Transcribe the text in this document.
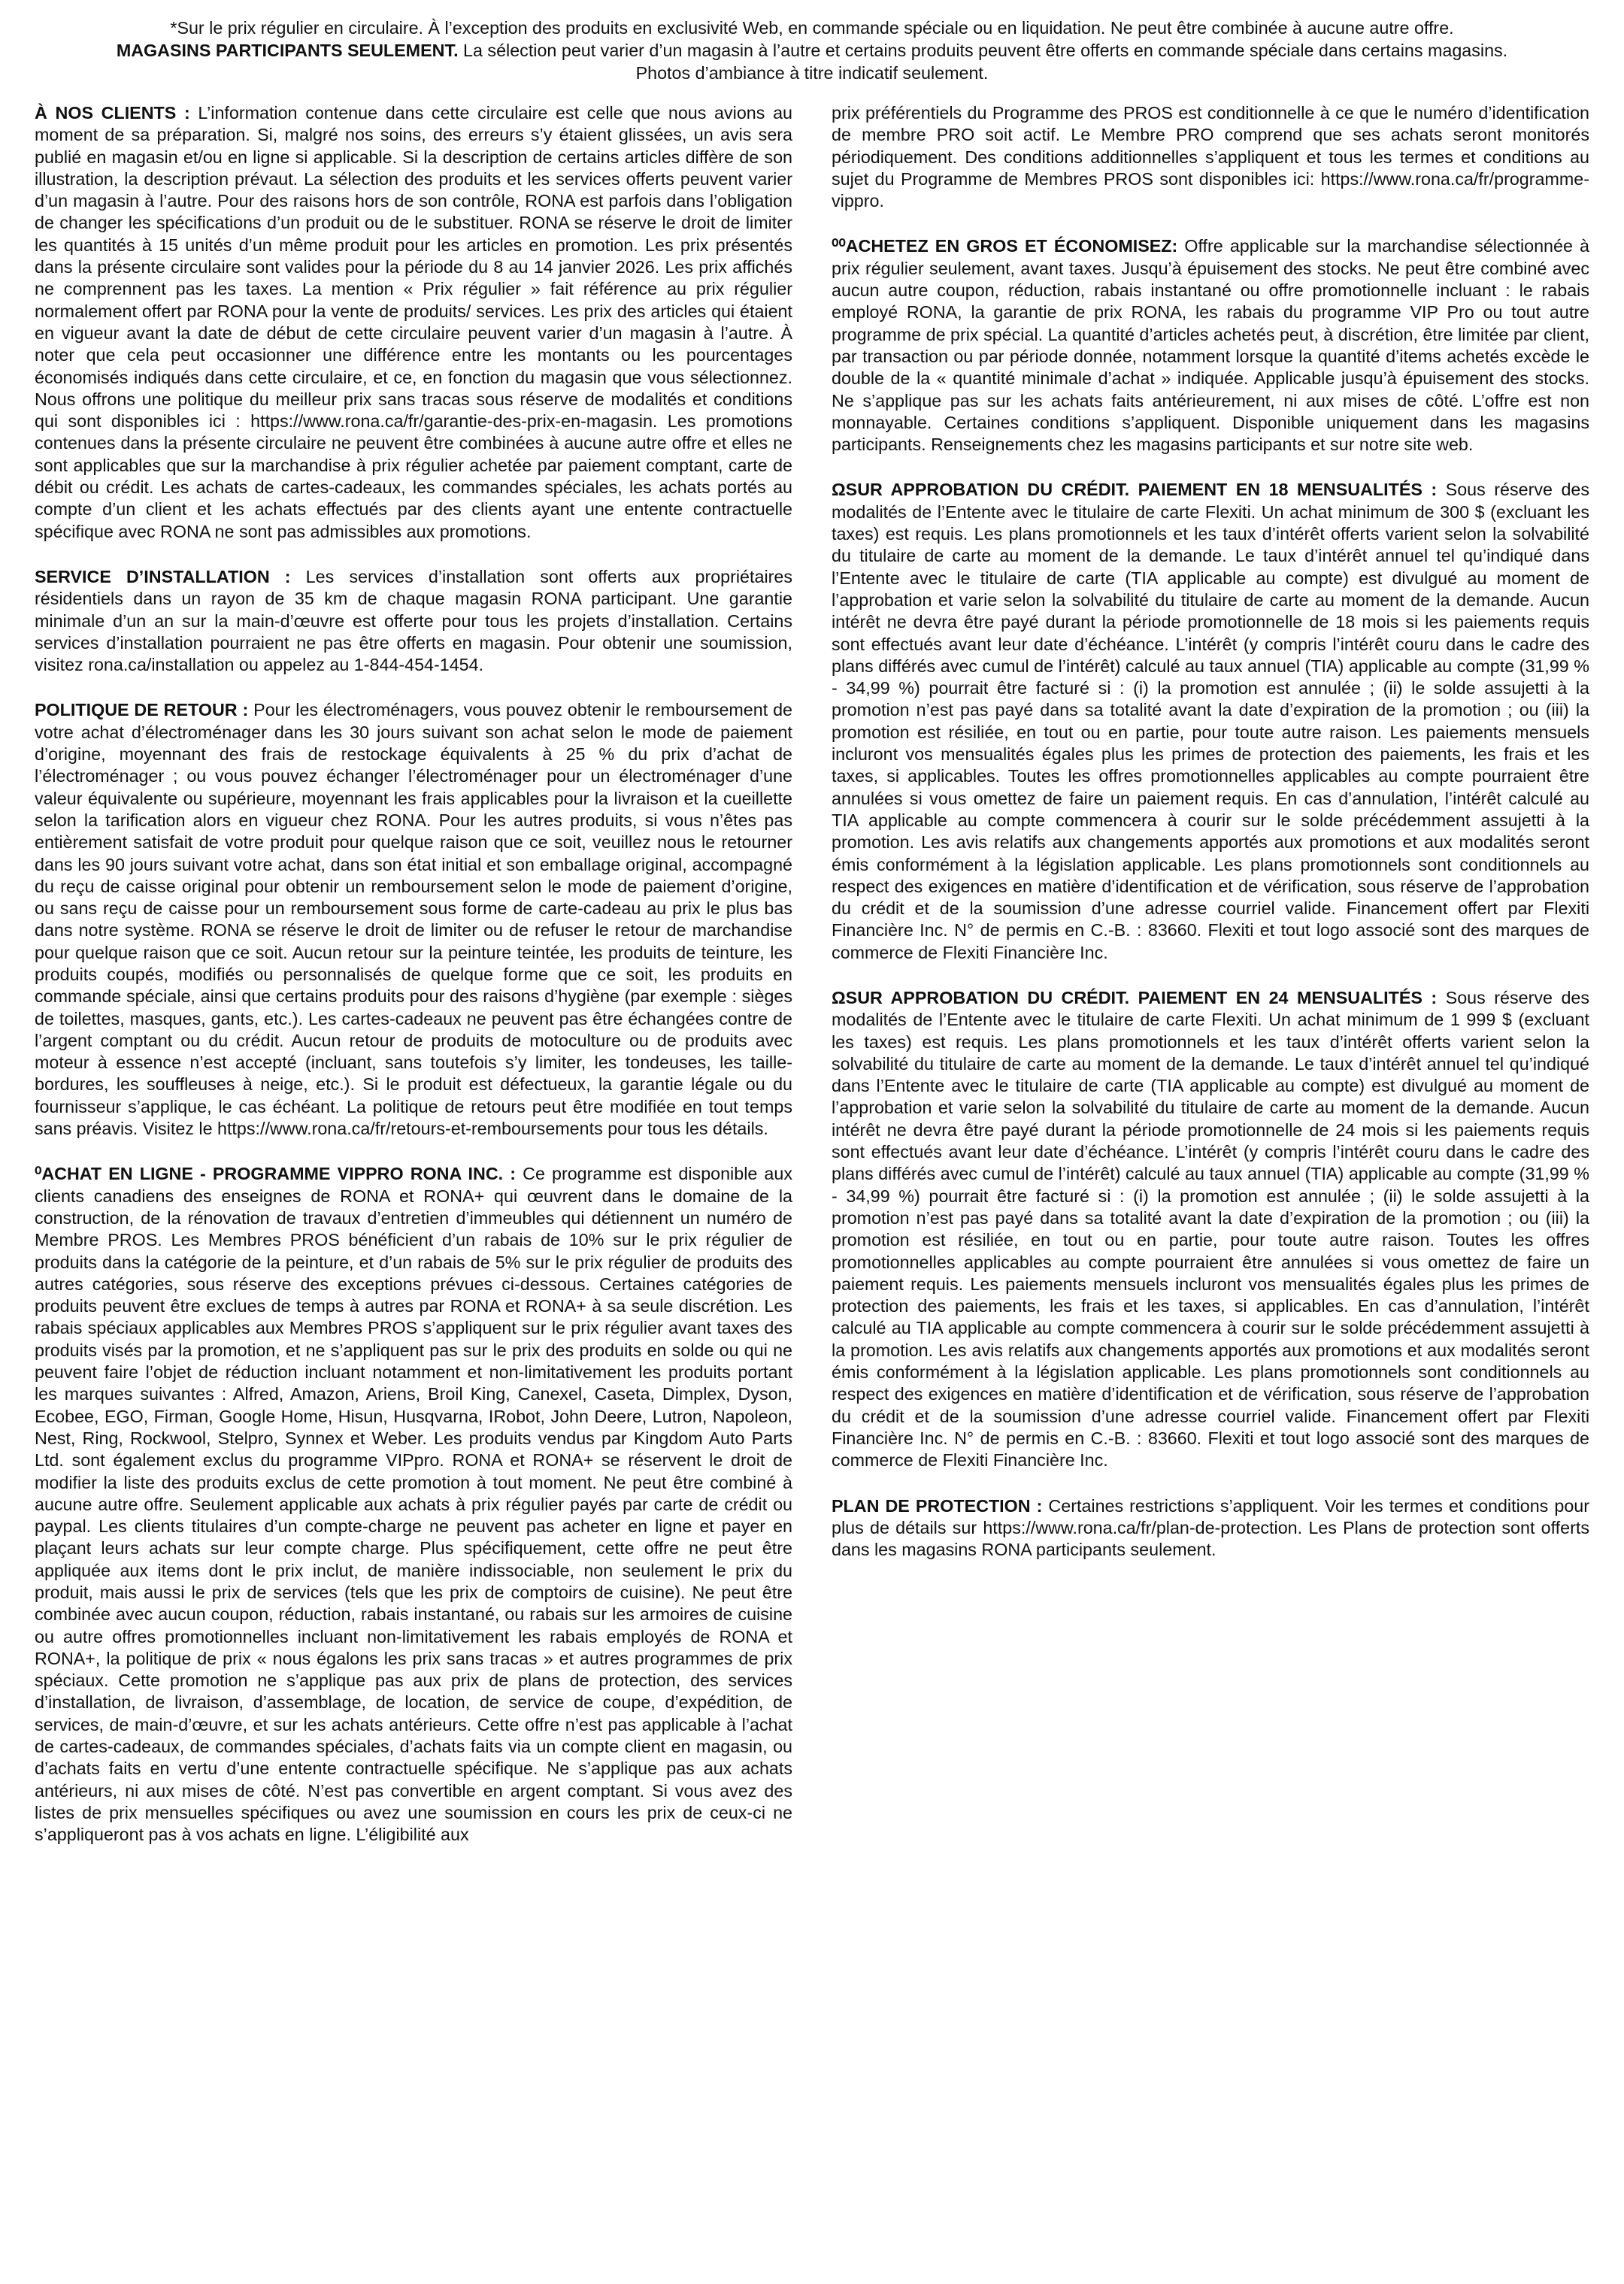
*Sur le prix régulier en circulaire. À l’exception des produits en exclusivité Web, en commande spéciale ou en liquidation. Ne peut être combinée à aucune autre offre.
MAGASINS PARTICIPANTS SEULEMENT. La sélection peut varier d’un magasin à l’autre et certains produits peuvent être offerts en commande spéciale dans certains magasins.
Photos d’ambiance à titre indicatif seulement.

À NOS CLIENTS : L’information contenue dans cette circulaire est celle que nous avions au moment de sa préparation. Si, malgré nos soins, des erreurs s’y étaient glissées, un avis sera publié en magasin et/ou en ligne si applicable. Si la description de certains articles diffère de son illustration, la description prévaut. La sélection des produits et les services offerts peuvent varier d’un magasin à l’autre. Pour des raisons hors de son contrôle, RONA est parfois dans l’obligation de changer les spécifications d’un produit ou de le substituer. RONA se réserve le droit de limiter les quantités à 15 unités d’un même produit pour les articles en promotion. Les prix présentés dans la présente circulaire sont valides pour la période du 8 au 14 janvier 2026. Les prix affichés ne comprennent pas les taxes. La mention « Prix régulier » fait référence au prix régulier normalement offert par RONA pour la vente de produits/ services. Les prix des articles qui étaient en vigueur avant la date de début de cette circulaire peuvent varier d’un magasin à l’autre. À noter que cela peut occasionner une différence entre les montants ou les pourcentages économisés indiqués dans cette circulaire, et ce, en fonction du magasin que vous sélectionnez. Nous offrons une politique du meilleur prix sans tracas sous réserve de modalités et conditions qui sont disponibles ici : https://www.rona.ca/fr/garantie-des-prix-en-magasin. Les promotions contenues dans la présente circulaire ne peuvent être combinées à aucune autre offre et elles ne sont applicables que sur la marchandise à prix régulier achetée par paiement comptant, carte de débit ou crédit. Les achats de cartes-cadeaux, les commandes spéciales, les achats portés au compte d’un client et les achats effectués par des clients ayant une entente contractuelle spécifique avec RONA ne sont pas admissibles aux promotions.

SERVICE D’INSTALLATION : Les services d’installation sont offerts aux propriétaires résidentiels dans un rayon de 35 km de chaque magasin RONA participant. Une garantie minimale d’un an sur la main-d’œuvre est offerte pour tous les projets d’installation. Certains services d’installation pourraient ne pas être offerts en magasin. Pour obtenir une soumission, visitez rona.ca/installation ou appelez au 1-844-454-1454.

POLITIQUE DE RETOUR : Pour les électroménagers, vous pouvez obtenir le remboursement de votre achat d’électroménager dans les 30 jours suivant son achat selon le mode de paiement d’origine, moyennant des frais de restockage équivalents à 25 % du prix d’achat de l’électroménager ; ou vous pouvez échanger l’électroménager pour un électroménager d’une valeur équivalente ou supérieure, moyennant les frais applicables pour la livraison et la cueillette selon la tarification alors en vigueur chez RONA. Pour les autres produits, si vous n’êtes pas entièrement satisfait de votre produit pour quelque raison que ce soit, veuillez nous le retourner dans les 90 jours suivant votre achat, dans son état initial et son emballage original, accompagné du reçu de caisse original pour obtenir un remboursement selon le mode de paiement d’origine, ou sans reçu de caisse pour un remboursement sous forme de carte-cadeau au prix le plus bas dans notre système. RONA se réserve le droit de limiter ou de refuser le retour de marchandise pour quelque raison que ce soit. Aucun retour sur la peinture teintée, les produits de teinture, les produits coupés, modifiés ou personnalisés de quelque forme que ce soit, les produits en commande spéciale, ainsi que certains produits pour des raisons d’hygiène (par exemple : sièges de toilettes, masques, gants, etc.). Les cartes-cadeaux ne peuvent pas être échangées contre de l’argent comptant ou du crédit. Aucun retour de produits de motoculture ou de produits avec moteur à essence n’est accepté (incluant, sans toutefois s’y limiter, les tondeuses, les taille-bordures, les souffleuses à neige, etc.). Si le produit est défectueux, la garantie légale ou du fournisseur s’applique, le cas échéant. La politique de retours peut être modifiée en tout temps sans préavis. Visitez le https://www.rona.ca/fr/retours-et-remboursements pour tous les détails.

⁰ACHAT EN LIGNE - PROGRAMME VIPPRO RONA INC. : Ce programme est disponible aux clients canadiens des enseignes de RONA et RONA+ qui œuvrent dans le domaine de la construction, de la rénovation de travaux d’entretien d’immeubles qui détiennent un numéro de Membre PROS. Les Membres PROS bénéficient d’un rabais de 10% sur le prix régulier de produits dans la catégorie de la peinture, et d’un rabais de 5% sur le prix régulier de produits des autres catégories, sous réserve des exceptions prévues ci-dessous. Certaines catégories de produits peuvent être exclues de temps à autres par RONA et RONA+ à sa seule discrétion. Les rabais spéciaux applicables aux Membres PROS s’appliquent sur le prix régulier avant taxes des produits visés par la promotion, et ne s’appliquent pas sur le prix des produits en solde ou qui ne peuvent faire l’objet de réduction incluant notamment et non-limitativement les produits portant les marques suivantes : Alfred, Amazon, Ariens, Broil King, Canexel, Caseta, Dimplex, Dyson, Ecobee, EGO, Firman, Google Home, Hisun, Husqvarna, IRobot, John Deere, Lutron, Napoleon, Nest, Ring, Rockwool, Stelpro, Synnex et Weber. Les produits vendus par Kingdom Auto Parts Ltd. sont également exclus du programme VIPpro. RONA et RONA+ se réservent le droit de modifier la liste des produits exclus de cette promotion à tout moment. Ne peut être combiné à aucune autre offre. Seulement applicable aux achats à prix régulier payés par carte de crédit ou paypal. Les clients titulaires d’un compte-charge ne peuvent pas acheter en ligne et payer en plaçant leurs achats sur leur compte charge. Plus spécifiquement, cette offre ne peut être appliquée aux items dont le prix inclut, de manière indissociable, non seulement le prix du produit, mais aussi le prix de services (tels que les prix de comptoirs de cuisine). Ne peut être combinée avec aucun coupon, réduction, rabais instantané, ou rabais sur les armoires de cuisine ou autre offres promotionnelles incluant non-limitativement les rabais employés de RONA et RONA+, la politique de prix « nous égalons les prix sans tracas » et autres programmes de prix spéciaux. Cette promotion ne s’applique pas aux prix de plans de protection, des services d’installation, de livraison, d’assemblage, de location, de service de coupe, d’expédition, de services, de main-d’œuvre, et sur les achats antérieurs. Cette offre n’est pas applicable à l’achat de cartes-cadeaux, de commandes spéciales, d’achats faits via un compte client en magasin, ou d’achats faits en vertu d’une entente contractuelle spécifique. Ne s’applique pas aux achats antérieurs, ni aux mises de côté. N’est pas convertible en argent comptant. Si vous avez des listes de prix mensuelles spécifiques ou avez une soumission en cours les prix de ceux-ci ne s’appliqueront pas à vos achats en ligne. L’éligibilité aux

prix préférentiels du Programme des PROS est conditionnelle à ce que le numéro d’identification de membre PRO soit actif. Le Membre PRO comprend que ses achats seront monitorés périodiquement. Des conditions additionnelles s’appliquent et tous les termes et conditions au sujet du Programme de Membres PROS sont disponibles ici: https://www.rona.ca/fr/programme-vippro.

⁰⁰ACHETEZ EN GROS ET ÉCONOMISEZ: Offre applicable sur la marchandise sélectionnée à prix régulier seulement, avant taxes. Jusqu’à épuisement des stocks. Ne peut être combiné avec aucun autre coupon, réduction, rabais instantané ou offre promotionnelle incluant : le rabais employé RONA, la garantie de prix RONA, les rabais du programme VIP Pro ou tout autre programme de prix spécial. La quantité d’articles achetés peut, à discrétion, être limitée par client, par transaction ou par période donnée, notamment lorsque la quantité d’items achetés excède le double de la « quantité minimale d’achat » indiquée. Applicable jusqu’à épuisement des stocks. Ne s’applique pas sur les achats faits antérieurement, ni aux mises de côté. L’offre est non monnayable. Certaines conditions s’appliquent. Disponible uniquement dans les magasins participants. Renseignements chez les magasins participants et sur notre site web.

ΩSUR APPROBATION DU CRÉDIT. PAIEMENT EN 18 MENSUALITÉS : Sous réserve des modalités de l’Entente avec le titulaire de carte Flexiti. Un achat minimum de 300 $ (excluant les taxes) est requis. Les plans promotionnels et les taux d’intérêt offerts varient selon la solvabilité du titulaire de carte au moment de la demande. Le taux d’intérêt annuel tel qu’indiqué dans l’Entente avec le titulaire de carte (TIA applicable au compte) est divulgué au moment de l’approbation et varie selon la solvabilité du titulaire de carte au moment de la demande. Aucun intérêt ne devra être payé durant la période promotionnelle de 18 mois si les paiements requis sont effectués avant leur date d’échéance. L’intérêt (y compris l’intérêt couru dans le cadre des plans différés avec cumul de l’intérêt) calculé au taux annuel (TIA) applicable au compte (31,99 % - 34,99 %) pourrait être facturé si : (i) la promotion est annulée ; (ii) le solde assujetti à la promotion n’est pas payé dans sa totalité avant la date d’expiration de la promotion ; ou (iii) la promotion est résiliée, en tout ou en partie, pour toute autre raison. Les paiements mensuels incluront vos mensualités égales plus les primes de protection des paiements, les frais et les taxes, si applicables. Toutes les offres promotionnelles applicables au compte pourraient être annulées si vous omettez de faire un paiement requis. En cas d’annulation, l’intérêt calculé au TIA applicable au compte commencera à courir sur le solde précédemment assujetti à la promotion. Les avis relatifs aux changements apportés aux promotions et aux modalités seront émis conformément à la législation applicable. Les plans promotionnels sont conditionnels au respect des exigences en matière d’identification et de vérification, sous réserve de l’approbation du crédit et de la soumission d’une adresse courriel valide. Financement offert par Flexiti Financière Inc. N° de permis en C.-B. : 83660. Flexiti et tout logo associé sont des marques de commerce de Flexiti Financière Inc.

ΩSUR APPROBATION DU CRÉDIT. PAIEMENT EN 24 MENSUALITÉS : Sous réserve des modalités de l’Entente avec le titulaire de carte Flexiti. Un achat minimum de 1 999 $ (excluant les taxes) est requis. Les plans promotionnels et les taux d’intérêt offerts varient selon la solvabilité du titulaire de carte au moment de la demande. Le taux d’intérêt annuel tel qu’indiqué dans l’Entente avec le titulaire de carte (TIA applicable au compte) est divulgué au moment de l’approbation et varie selon la solvabilité du titulaire de carte au moment de la demande. Aucun intérêt ne devra être payé durant la période promotionnelle de 24 mois si les paiements requis sont effectués avant leur date d’échéance. L’intérêt (y compris l’intérêt couru dans le cadre des plans différés avec cumul de l’intérêt) calculé au taux annuel (TIA) applicable au compte (31,99 % - 34,99 %) pourrait être facturé si : (i) la promotion est annulée ; (ii) le solde assujetti à la promotion n’est pas payé dans sa totalité avant la date d’expiration de la promotion ; ou (iii) la promotion est résiliée, en tout ou en partie, pour toute autre raison. Toutes les offres promotionnelles applicables au compte pourraient être annulées si vous omettez de faire un paiement requis. Les paiements mensuels incluront vos mensualités égales plus les primes de protection des paiements, les frais et les taxes, si applicables. En cas d’annulation, l’intérêt calculé au TIA applicable au compte commencera à courir sur le solde précédemment assujetti à la promotion. Les avis relatifs aux changements apportés aux promotions et aux modalités seront émis conformément à la législation applicable. Les plans promotionnels sont conditionnels au respect des exigences en matière d’identification et de vérification, sous réserve de l’approbation du crédit et de la soumission d’une adresse courriel valide. Financement offert par Flexiti Financière Inc. N° de permis en C.-B. : 83660. Flexiti et tout logo associé sont des marques de commerce de Flexiti Financière Inc.

PLAN DE PROTECTION : Certaines restrictions s’appliquent. Voir les termes et conditions pour plus de détails sur https://www.rona.ca/fr/plan-de-protection. Les Plans de protection sont offerts dans les magasins RONA participants seulement.
